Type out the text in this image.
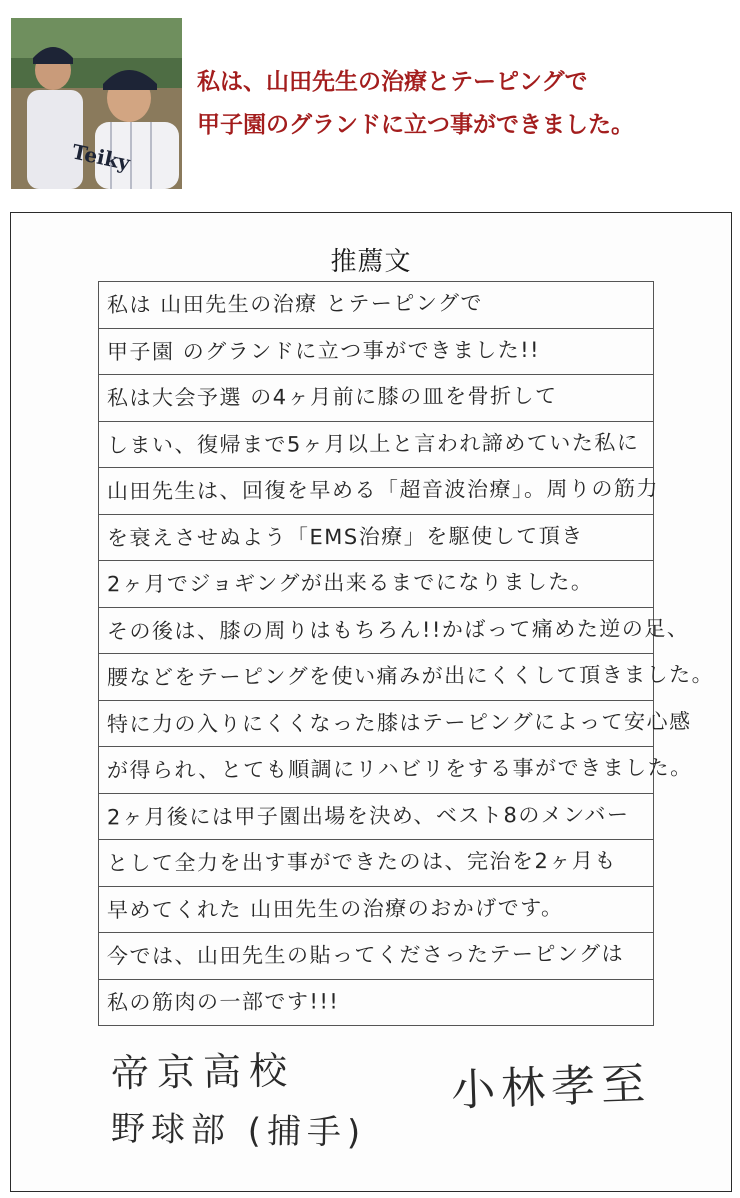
Teiky
私は、山田先生の治療とテーピングで
甲子園のグランドに立つ事ができました。
推薦文
私は 山田先生の治療 とテーピングで
甲子園 のグランドに立つ事ができました!!
私は大会予選 の4ヶ月前に膝の皿を骨折して
しまい、復帰まで5ヶ月以上と言われ諦めていた私に
山田先生は、回復を早める「超音波治療」。周りの筋力
を衰えさせぬよう「EMS治療」を駆使して頂き
2ヶ月でジョギングが出来るまでになりました。
その後は、膝の周りはもちろん!!かばって痛めた逆の足、
腰などをテーピングを使い痛みが出にくくして頂きました。
特に力の入りにくくなった膝はテーピングによって安心感
が得られ、とても順調にリハビリをする事ができました。
2ヶ月後には甲子園出場を決め、ベスト8のメンバー
として全力を出す事ができたのは、完治を2ヶ月も
早めてくれた 山田先生の治療のおかげです。
今では、山田先生の貼ってくださったテーピングは
私の筋肉の一部です!!!
帝京高校
野球部 (捕手)
小林孝至
